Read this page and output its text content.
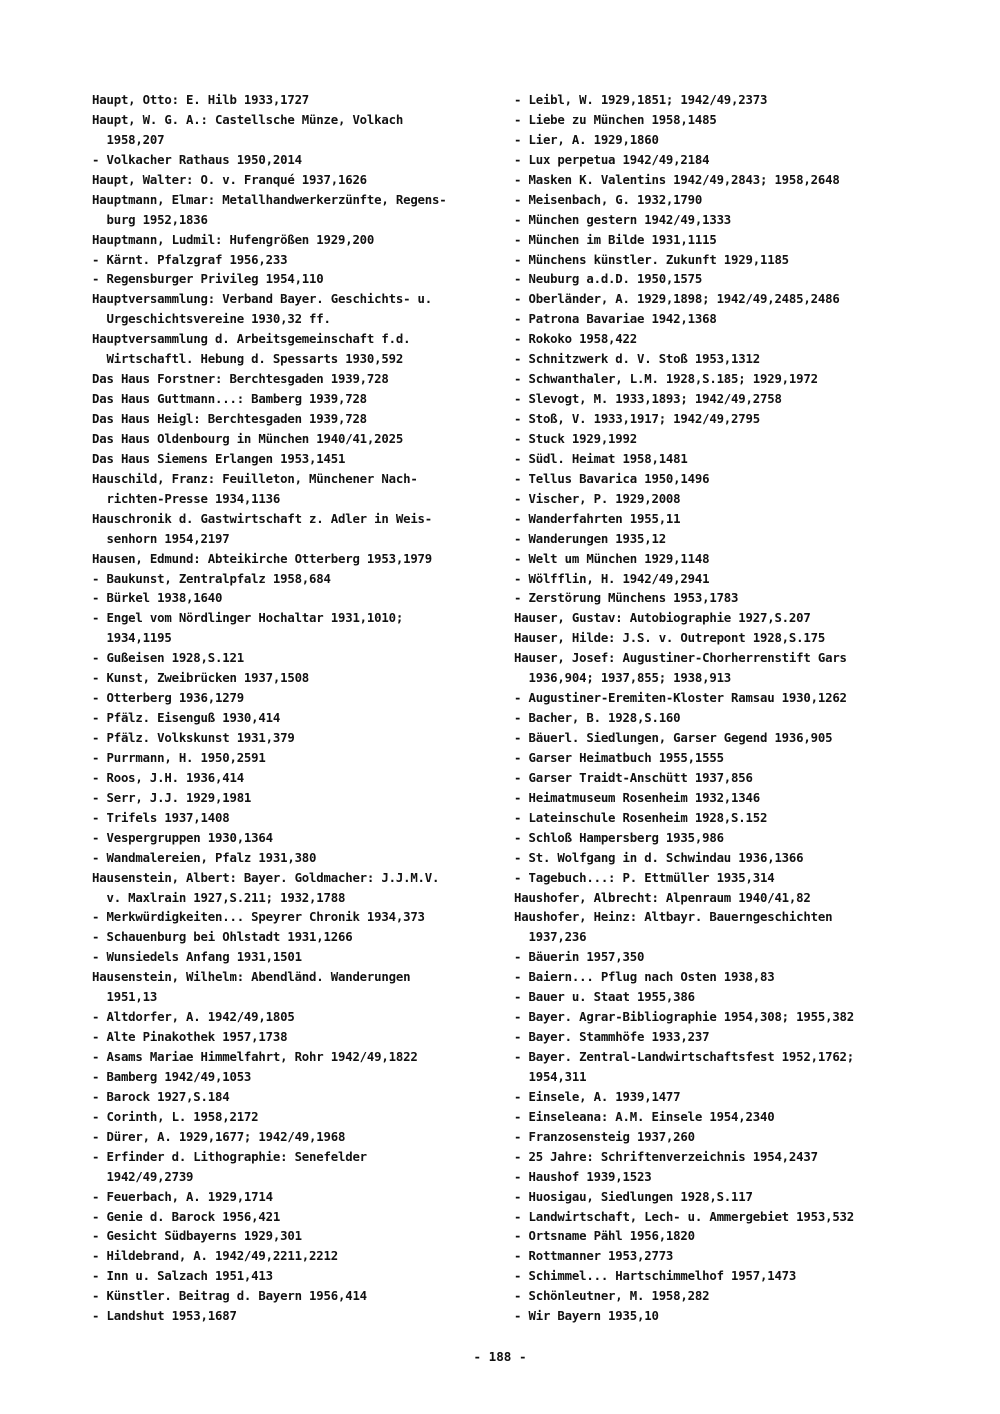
Haupt, Otto: E. Hilb 1933,1727
Haupt, W. G. A.: Castellsche Münze, Volkach
1958,207
- Volkacher Rathaus 1950,2014
Haupt, Walter: O. v. Franqué 1937,1626
Hauptmann, Elmar: Metallhandwerkerzünfte, Regens-
burg 1952,1836
Hauptmann, Ludmil: Hufengrößen 1929,200
- Kärnt. Pfalzgraf 1956,233
- Regensburger Privileg 1954,110
Hauptversammlung: Verband Bayer. Geschichts- u.
Urgeschichtsvereine 1930,32 ff.
Hauptversammlung d. Arbeitsgemeinschaft f.d.
Wirtschaftl. Hebung d. Spessarts 1930,592
Das Haus Forstner: Berchtesgaden 1939,728
Das Haus Guttmann...: Bamberg 1939,728
Das Haus Heigl: Berchtesgaden 1939,728
Das Haus Oldenbourg in München 1940/41,2025
Das Haus Siemens Erlangen 1953,1451
Hauschild, Franz: Feuilleton, Münchener Nach-
richten-Presse 1934,1136
Hauschronik d. Gastwirtschaft z. Adler in Weis-
senhorn 1954,2197
Hausen, Edmund: Abteikirche Otterberg 1953,1979
- Baukunst, Zentralpfalz 1958,684
- Bürkel 1938,1640
- Engel vom Nördlinger Hochaltar 1931,1010;
1934,1195
- Gußeisen 1928,S.121
- Kunst, Zweibrücken 1937,1508
- Otterberg 1936,1279
- Pfälz. Eisenguß 1930,414
- Pfälz. Volkskunst 1931,379
- Purrmann, H. 1950,2591
- Roos, J.H. 1936,414
- Serr, J.J. 1929,1981
- Trifels 1937,1408
- Vespergruppen 1930,1364
- Wandmalereien, Pfalz 1931,380
Hausenstein, Albert: Bayer. Goldmacher: J.J.M.V.
v. Maxlrain 1927,S.211; 1932,1788
- Merkwürdigkeiten... Speyrer Chronik 1934,373
- Schauenburg bei Ohlstadt 1931,1266
- Wunsiedels Anfang 1931,1501
Hausenstein, Wilhelm: Abendländ. Wanderungen
1951,13
- Altdorfer, A. 1942/49,1805
- Alte Pinakothek 1957,1738
- Asams Mariae Himmelfahrt, Rohr 1942/49,1822
- Bamberg 1942/49,1053
- Barock 1927,S.184
- Corinth, L. 1958,2172
- Dürer, A. 1929,1677; 1942/49,1968
- Erfinder d. Lithographie: Senefelder
1942/49,2739
- Feuerbach, A. 1929,1714
- Genie d. Barock 1956,421
- Gesicht Südbayerns 1929,301
- Hildebrand, A. 1942/49,2211,2212
- Inn u. Salzach 1951,413
- Künstler. Beitrag d. Bayern 1956,414
- Landshut 1953,1687
- Leibl, W. 1929,1851; 1942/49,2373
- Liebe zu München 1958,1485
- Lier, A. 1929,1860
- Lux perpetua 1942/49,2184
- Masken K. Valentins 1942/49,2843; 1958,2648
- Meisenbach, G. 1932,1790
- München gestern 1942/49,1333
- München im Bilde 1931,1115
- Münchens künstler. Zukunft 1929,1185
- Neuburg a.d.D. 1950,1575
- Oberländer, A. 1929,1898; 1942/49,2485,2486
- Patrona Bavariae 1942,1368
- Rokoko 1958,422
- Schnitzwerk d. V. Stoß 1953,1312
- Schwanthaler, L.M. 1928,S.185; 1929,1972
- Slevogt, M. 1933,1893; 1942/49,2758
- Stoß, V. 1933,1917; 1942/49,2795
- Stuck 1929,1992
- Südl. Heimat 1958,1481
- Tellus Bavarica 1950,1496
- Vischer, P. 1929,2008
- Wanderfahrten 1955,11
- Wanderungen 1935,12
- Welt um München 1929,1148
- Wölfflin, H. 1942/49,2941
- Zerstörung Münchens 1953,1783
Hauser, Gustav: Autobiographie 1927,S.207
Hauser, Hilde: J.S. v. Outrepont 1928,S.175
Hauser, Josef: Augustiner-Chorherrenstift Gars
1936,904; 1937,855; 1938,913
- Augustiner-Eremiten-Kloster Ramsau 1930,1262
- Bacher, B. 1928,S.160
- Bäuerl. Siedlungen, Garser Gegend 1936,905
- Garser Heimatbuch 1955,1555
- Garser Traidt-Anschütt 1937,856
- Heimatmuseum Rosenheim 1932,1346
- Lateinschule Rosenheim 1928,S.152
- Schloß Hampersberg 1935,986
- St. Wolfgang in d. Schwindau 1936,1366
- Tagebuch...: P. Ettmüller 1935,314
Haushofer, Albrecht: Alpenraum 1940/41,82
Haushofer, Heinz: Altbayr. Bauerngeschichten
1937,236
- Bäuerin 1957,350
- Baiern... Pflug nach Osten 1938,83
- Bauer u. Staat 1955,386
- Bayer. Agrar-Bibliographie 1954,308; 1955,382
- Bayer. Stammhöfe 1933,237
- Bayer. Zentral-Landwirtschaftsfest 1952,1762;
1954,311
- Einsele, A. 1939,1477
- Einseleana: A.M. Einsele 1954,2340
- Franzosensteig 1937,260
- 25 Jahre: Schriftenverzeichnis 1954,2437
- Haushof 1939,1523
- Huosigau, Siedlungen 1928,S.117
- Landwirtschaft, Lech- u. Ammergebiet 1953,532
- Ortsname Pähl 1956,1820
- Rottmanner 1953,2773
- Schimmel... Hartschimmelhof 1957,1473
- Schönleutner, M. 1958,282
- Wir Bayern 1935,10
- 188 -
